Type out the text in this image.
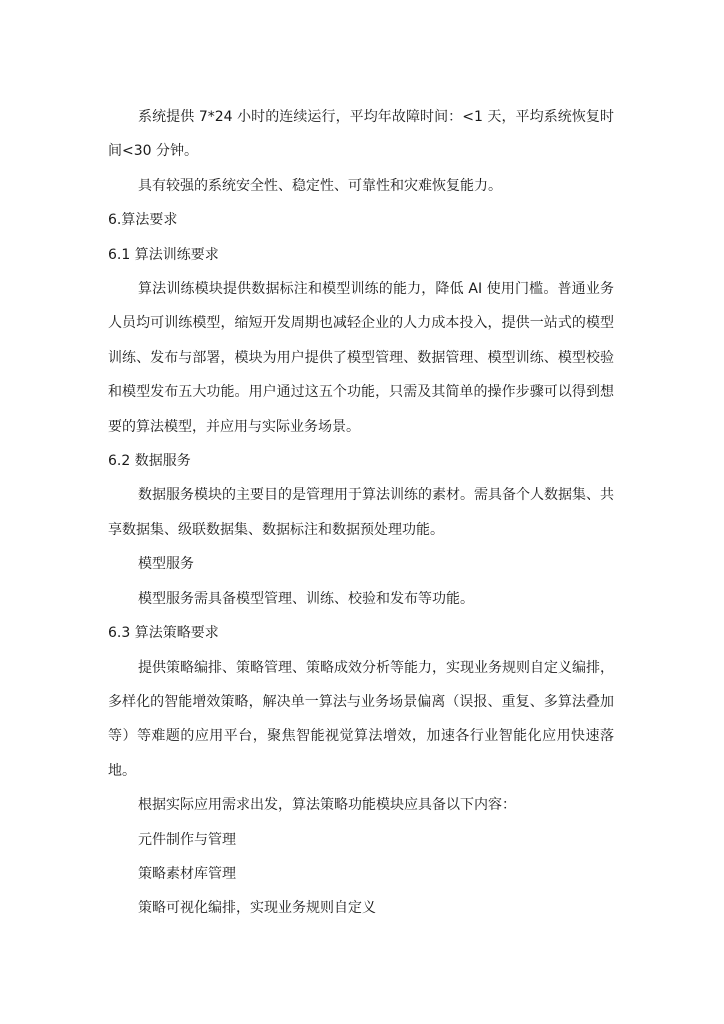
系统提供 7*24 小时的连续运行，平均年故障时间：<1 天，平均系统恢复时间<30 分钟。

具有较强的系统安全性、稳定性、可靠性和灾难恢复能力。

6.算法要求

6.1 算法训练要求

算法训练模块提供数据标注和模型训练的能力，降低 AI 使用门槛。普通业务人员均可训练模型，缩短开发周期也减轻企业的人力成本投入，提供一站式的模型训练、发布与部署，模块为用户提供了模型管理、数据管理、模型训练、模型校验和模型发布五大功能。用户通过这五个功能，只需及其简单的操作步骤可以得到想要的算法模型，并应用与实际业务场景。

6.2 数据服务

数据服务模块的主要目的是管理用于算法训练的素材。需具备个人数据集、共享数据集、级联数据集、数据标注和数据预处理功能。

模型服务

模型服务需具备模型管理、训练、校验和发布等功能。

6.3 算法策略要求

提供策略编排、策略管理、策略成效分析等能力，实现业务规则自定义编排，多样化的智能增效策略，解决单一算法与业务场景偏离（误报、重复、多算法叠加等）等难题的应用平台，聚焦智能视觉算法增效，加速各行业智能化应用快速落地。

根据实际应用需求出发，算法策略功能模块应具备以下内容：

元件制作与管理

策略素材库管理

策略可视化编排，实现业务规则自定义
